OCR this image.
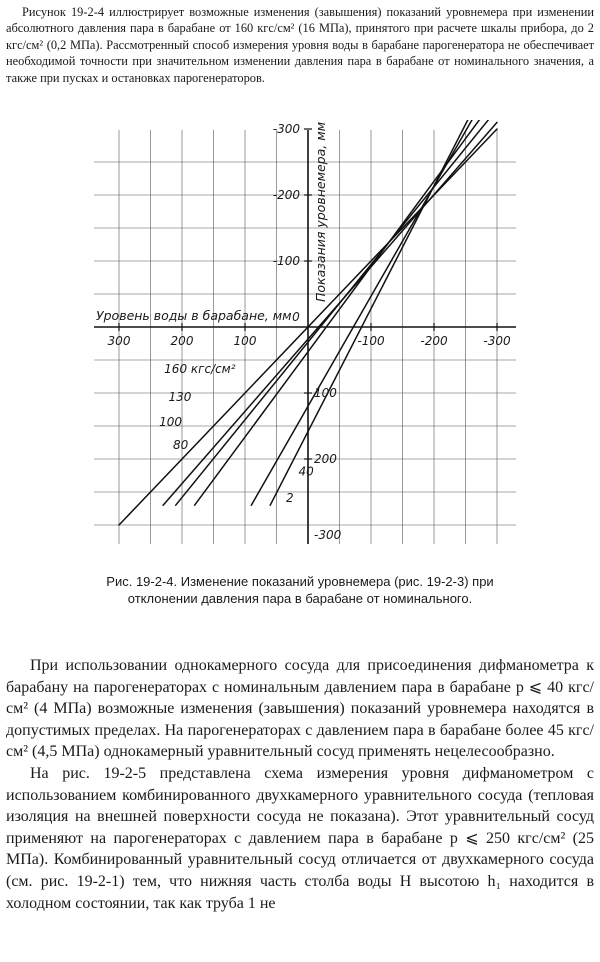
Рисунок 19-2-4 иллюстрирует возможные изменения (завышения) показаний уровнемера при изменении абсолютного давления пара в барабане от 160 кгс/см² (16 МПа), принятого при расчете шкалы прибора, до 2 кгс/см² (0,2 МПа). Рассмотренный способ измерения уровня воды в барабане парогенератора не обеспечивает необходимой точности при значительном изменении давления пара в барабане от номинального значения, а также при пусках и остановках парогенераторов.

300	200	100
0
-100	-200	-300
-300
-200
-100
100
200
-300
Уровень воды в барабане, мм
Показания уровнемера, мм
160 кгс/см²
130
100
80
40
2

Рис. 19-2-4. Изменение показаний уровнемера (рис. 19-2-3) при отклонении давления пара в барабане от номинального.

При использовании однокамерного сосуда для присоединения дифманометра к барабану на парогенераторах с номинальным давлением пара в барабане p ⩽ 40 кгс/см² (4 МПа) возможные изменения (завышения) показаний уровнемера находятся в допустимых пределах. На парогенераторах с давлением пара в барабане более 45 кгс/см² (4,5 МПа) однокамерный уравнительный сосуд применять нецелесообразно.

На рис. 19-2-5 представлена схема измерения уровня дифманометром с использованием комбинированного двухкамерного уравнительного сосуда (тепловая изоляция на внешней поверхности сосуда не показана). Этот уравнительный сосуд применяют на парогенераторах с давлением пара в барабане p ⩽ 250 кгс/см² (25 МПа). Комбинированный уравнительный сосуд отличается от двухкамерного сосуда (см. рис. 19-2-1) тем, что нижняя часть столба воды H высотою h₁ находится в холодном состоянии, так как труба 1 не
